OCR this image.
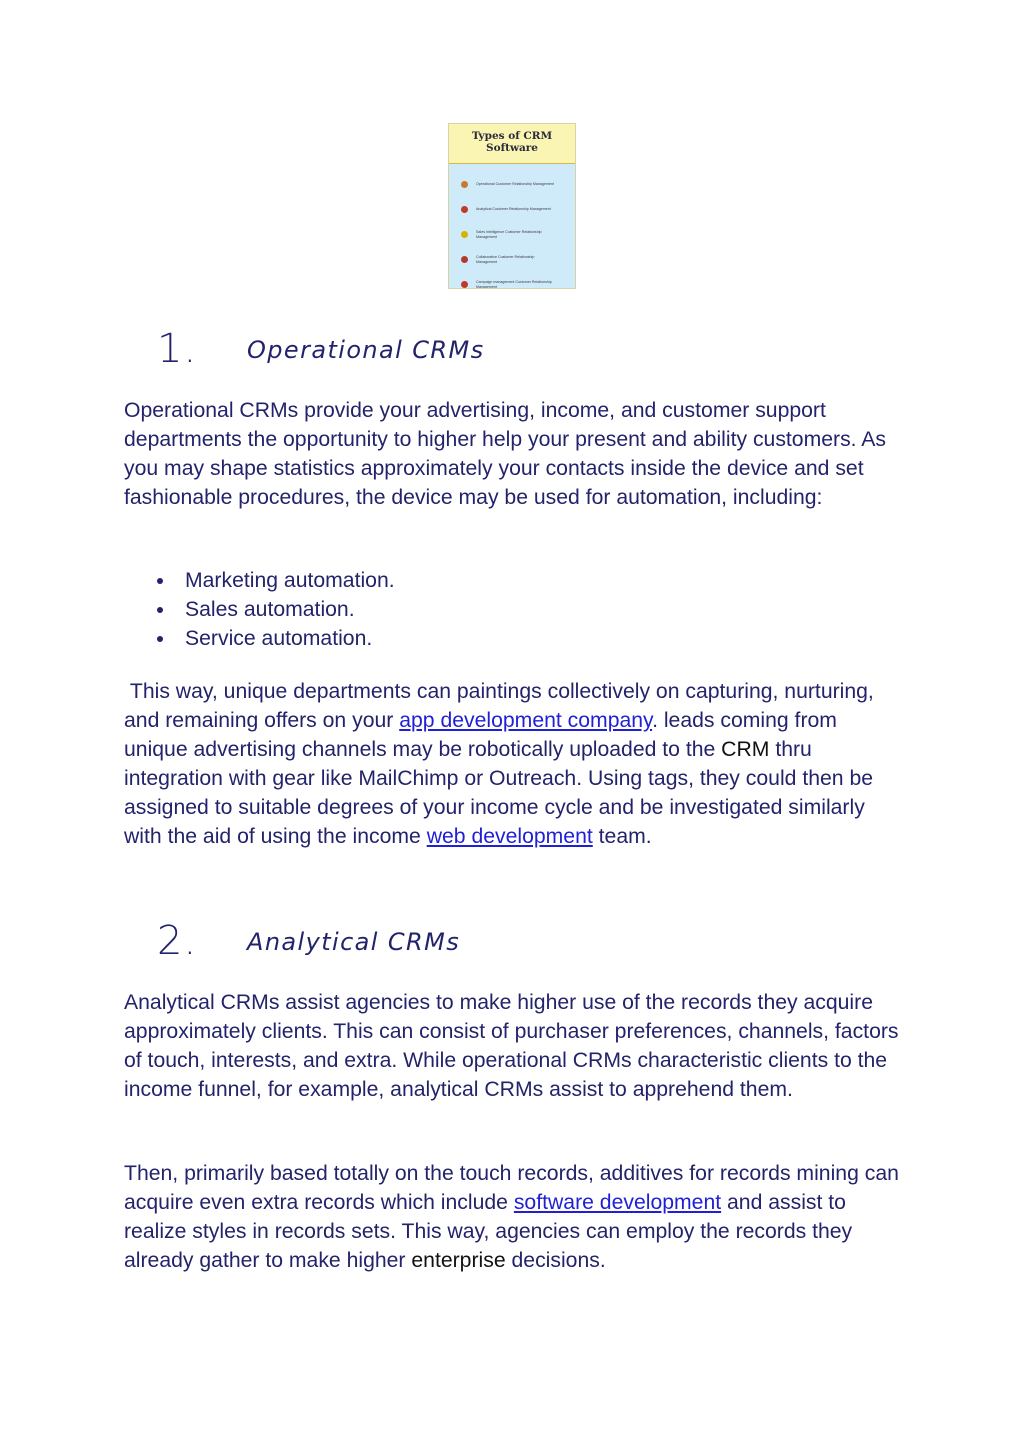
Types of CRM
Software
Operational Customer Relationship Management
Analytical Customer Relationship Management
Sales Intelligence Customer Relationship Management
Collaborative Customer Relationship Management
Campaign management Customer Relationship Management
1. Operational CRMs

Operational CRMs provide your advertising, income, and customer support departments the opportunity to higher help your present and ability customers. As you may shape statistics approximately your contacts inside the device and set fashionable procedures, the device may be used for automation, including:

Marketing automation.
Sales automation.
Service automation.

This way, unique departments can paintings collectively on capturing, nurturing, and remaining offers on your app development company. leads coming from unique advertising channels may be robotically uploaded to the CRM thru integration with gear like MailChimp or Outreach. Using tags, they could then be assigned to suitable degrees of your income cycle and be investigated similarly with the aid of using the income web development team.

2. Analytical CRMs

Analytical CRMs assist agencies to make higher use of the records they acquire approximately clients. This can consist of purchaser preferences, channels, factors of touch, interests, and extra. While operational CRMs characteristic clients to the income funnel, for example, analytical CRMs assist to apprehend them.

Then, primarily based totally on the touch records, additives for records mining can acquire even extra records which include software development and assist to realize styles in records sets. This way, agencies can employ the records they already gather to make higher enterprise decisions.
